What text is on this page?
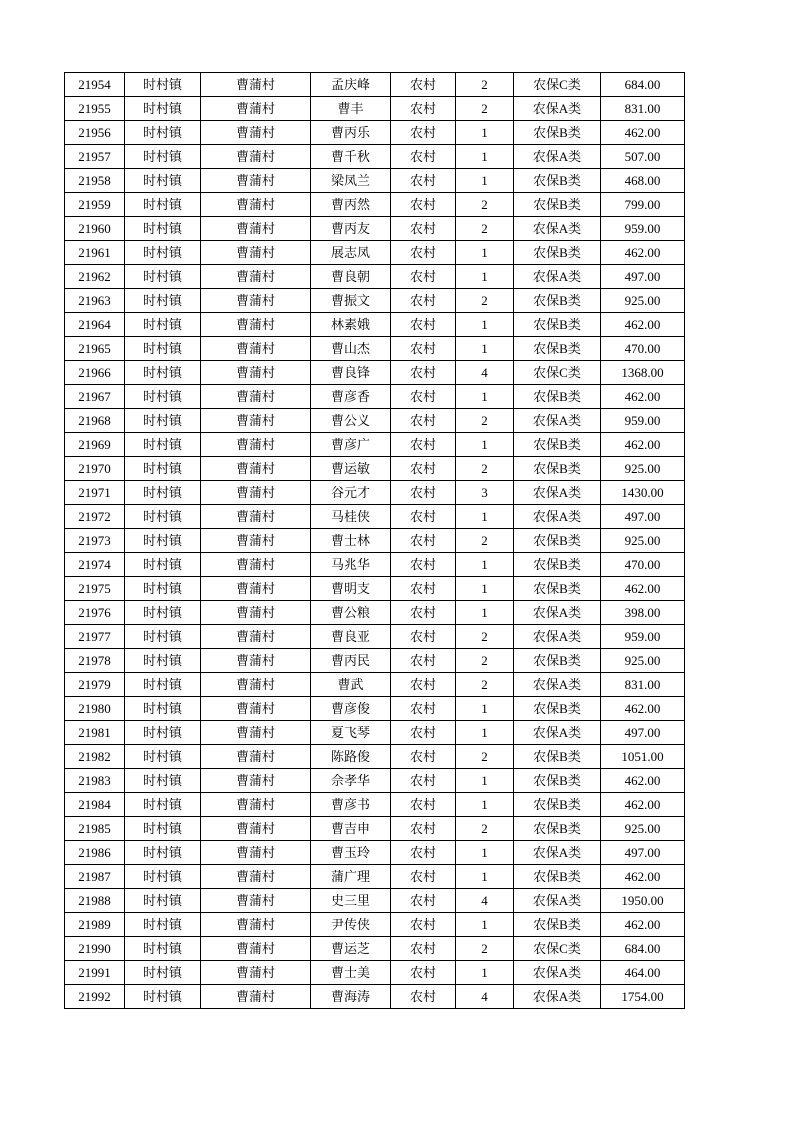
21954	时村镇	曹蒲村	孟庆峰	农村	2	农保C类	684.00
21955	时村镇	曹蒲村	曹丰	农村	2	农保A类	831.00
21956	时村镇	曹蒲村	曹丙乐	农村	1	农保B类	462.00
21957	时村镇	曹蒲村	曹千秋	农村	1	农保A类	507.00
21958	时村镇	曹蒲村	梁凤兰	农村	1	农保B类	468.00
21959	时村镇	曹蒲村	曹丙然	农村	2	农保B类	799.00
21960	时村镇	曹蒲村	曹丙友	农村	2	农保A类	959.00
21961	时村镇	曹蒲村	展志凤	农村	1	农保B类	462.00
21962	时村镇	曹蒲村	曹良朝	农村	1	农保A类	497.00
21963	时村镇	曹蒲村	曹振文	农村	2	农保B类	925.00
21964	时村镇	曹蒲村	林素娥	农村	1	农保B类	462.00
21965	时村镇	曹蒲村	曹山杰	农村	1	农保B类	470.00
21966	时村镇	曹蒲村	曹良锋	农村	4	农保C类	1368.00
21967	时村镇	曹蒲村	曹彦香	农村	1	农保B类	462.00
21968	时村镇	曹蒲村	曹公义	农村	2	农保A类	959.00
21969	时村镇	曹蒲村	曹彦广	农村	1	农保B类	462.00
21970	时村镇	曹蒲村	曹运敏	农村	2	农保B类	925.00
21971	时村镇	曹蒲村	谷元才	农村	3	农保A类	1430.00
21972	时村镇	曹蒲村	马桂侠	农村	1	农保A类	497.00
21973	时村镇	曹蒲村	曹士林	农村	2	农保B类	925.00
21974	时村镇	曹蒲村	马兆华	农村	1	农保B类	470.00
21975	时村镇	曹蒲村	曹明支	农村	1	农保B类	462.00
21976	时村镇	曹蒲村	曹公粮	农村	1	农保A类	398.00
21977	时村镇	曹蒲村	曹良亚	农村	2	农保A类	959.00
21978	时村镇	曹蒲村	曹丙民	农村	2	农保B类	925.00
21979	时村镇	曹蒲村	曹武	农村	2	农保A类	831.00
21980	时村镇	曹蒲村	曹彦俊	农村	1	农保B类	462.00
21981	时村镇	曹蒲村	夏飞琴	农村	1	农保A类	497.00
21982	时村镇	曹蒲村	陈路俊	农村	2	农保B类	1051.00
21983	时村镇	曹蒲村	佘孝华	农村	1	农保B类	462.00
21984	时村镇	曹蒲村	曹彦书	农村	1	农保B类	462.00
21985	时村镇	曹蒲村	曹吉申	农村	2	农保B类	925.00
21986	时村镇	曹蒲村	曹玉玲	农村	1	农保A类	497.00
21987	时村镇	曹蒲村	蒲广理	农村	1	农保B类	462.00
21988	时村镇	曹蒲村	史三里	农村	4	农保A类	1950.00
21989	时村镇	曹蒲村	尹传侠	农村	1	农保B类	462.00
21990	时村镇	曹蒲村	曹运芝	农村	2	农保C类	684.00
21991	时村镇	曹蒲村	曹士美	农村	1	农保A类	464.00
21992	时村镇	曹蒲村	曹海涛	农村	4	农保A类	1754.00
